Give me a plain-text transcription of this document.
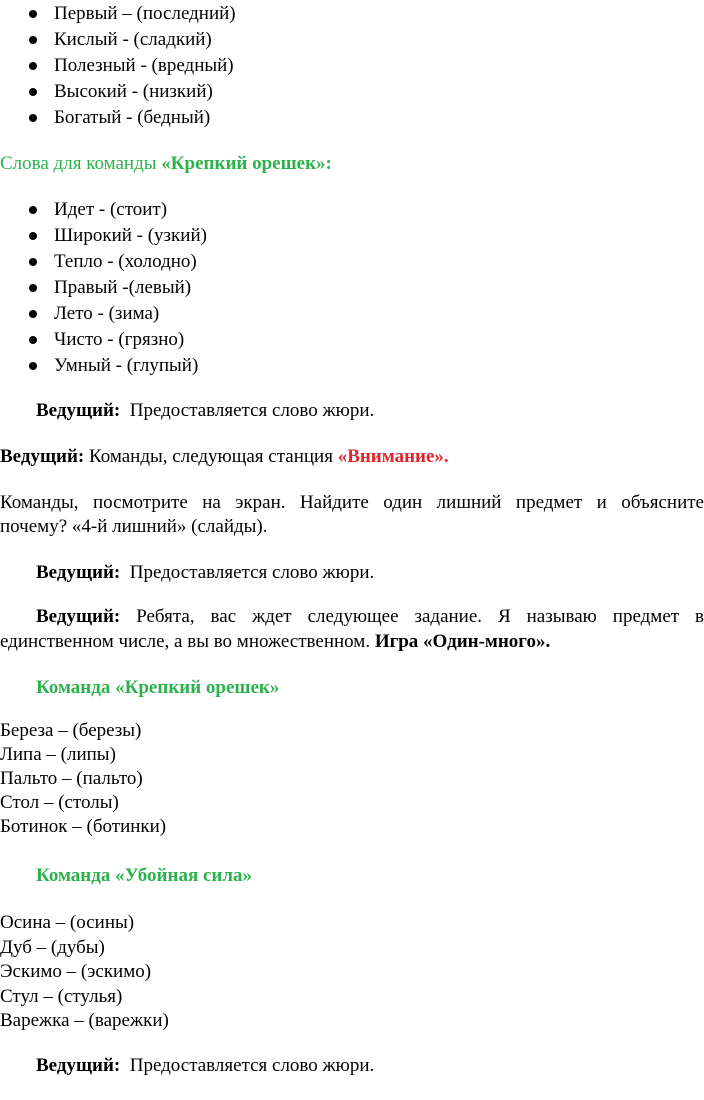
Первый – (последний)
Кислый - (сладкий)
Полезный - (вредный)
Высокий - (низкий)
Богатый - (бедный)
Слова для команды «Крепкий орешек»:
Идет - (стоит)
Широкий - (узкий)
Тепло - (холодно)
Правый -(левый)
Лето - (зима)
Чисто - (грязно)
Умный - (глупый)
Ведущий: Предоставляется слово жюри.
Ведущий: Команды, следующая станция «Внимание».
Команды, посмотрите на экран. Найдите один лишний предмет и объясните
почему? «4-й лишний» (слайды).
Ведущий: Предоставляется слово жюри.
Ведущий: Ребята, вас ждет следующее задание. Я называю предмет в
единственном числе, а вы во множественном. Игра «Один-много».
Команда «Крепкий орешек»
Береза – (березы)
Липа – (липы)
Пальто – (пальто)
Стол – (столы)
Ботинок – (ботинки)
Команда «Убойная сила»
Осина – (осины)
Дуб – (дубы)
Эскимо – (эскимо)
Стул – (стулья)
Варежка – (варежки)
Ведущий: Предоставляется слово жюри.
